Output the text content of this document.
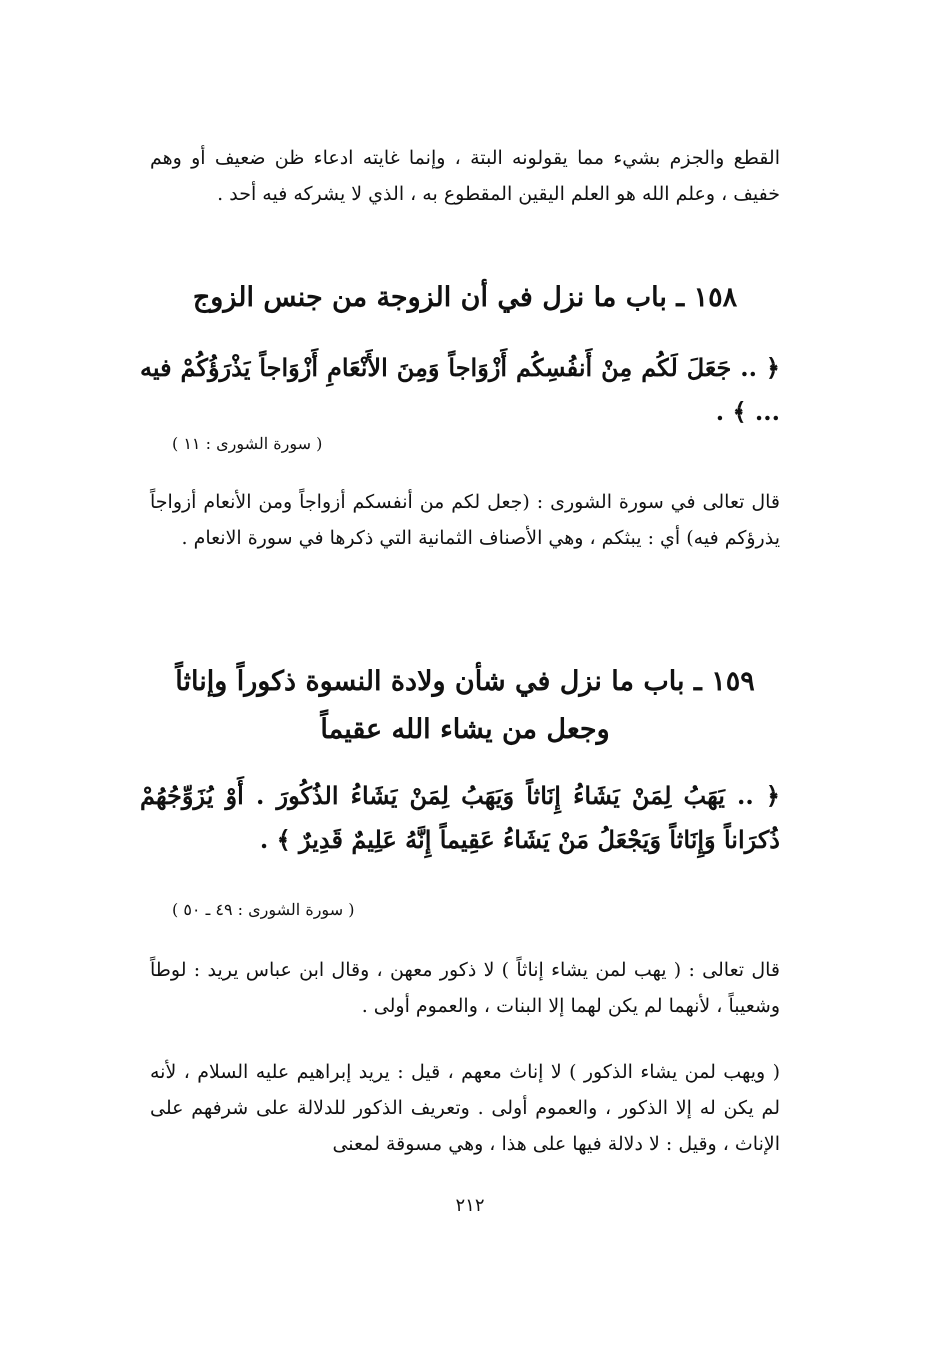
القطع والجزم بشيء مما يقولونه البتة ، وإنما غايته ادعاء ظن ضعيف أو وهم خفيف ، وعلم الله هو العلم اليقين المقطوع به ، الذي لا يشركه فيه أحد .

١٥٨ ـ باب ما نزل في أن الزوجة من جنس الزوج

﴿ .. جَعَلَ لَكُم مِنْ أَنفُسِكُم أَزْوَاجاً وَمِنَ الأَنْعَامِ أَزْوَاجاً يَذْرَؤُكُمْ فيه ... ﴾ .

( سورة الشورى : ١١ )

قال تعالى في سورة الشورى : (جعل لكم من أنفسكم أزواجاً ومن الأنعام أزواجاً يذرؤكم فيه) أي : يبثكم ، وهي الأصناف الثمانية التي ذكرها في سورة الانعام .

١٥٩ ـ باب ما نزل في شأن ولادة النسوة ذكوراً وإناثاً وجعل من يشاء الله عقيماً

﴿ .. يَهَبُ لِمَنْ يَشَاءُ إِنَاثاً وَيَهَبُ لِمَنْ يَشَاءُ الذُكُورَ . أَوْ يُزَوِّجُهُمْ ذُكرَاناً وَإِنَاثاً وَيَجْعَلُ مَنْ يَشَاءُ عَقِيماً إِنَّهُ عَلِيمٌ قَدِيرٌ ﴾ .

( سورة الشورى : ٤٩ ـ ٥٠ )

قال تعالى : ( يهب لمن يشاء إناثاً ) لا ذكور معهن ، وقال ابن عباس يريد : لوطاً وشعيباً ، لأنهما لم يكن لهما إلا البنات ، والعموم أولى .

( ويهب لمن يشاء الذكور ) لا إناث معهم ، قيل : يريد إبراهيم عليه السلام ، لأنه لم يكن له إلا الذكور ، والعموم أولى . وتعريف الذكور للدلالة على شرفهم على الإناث ، وقيل : لا دلالة فيها على هذا ، وهي مسوقة لمعنى

٢١٢
